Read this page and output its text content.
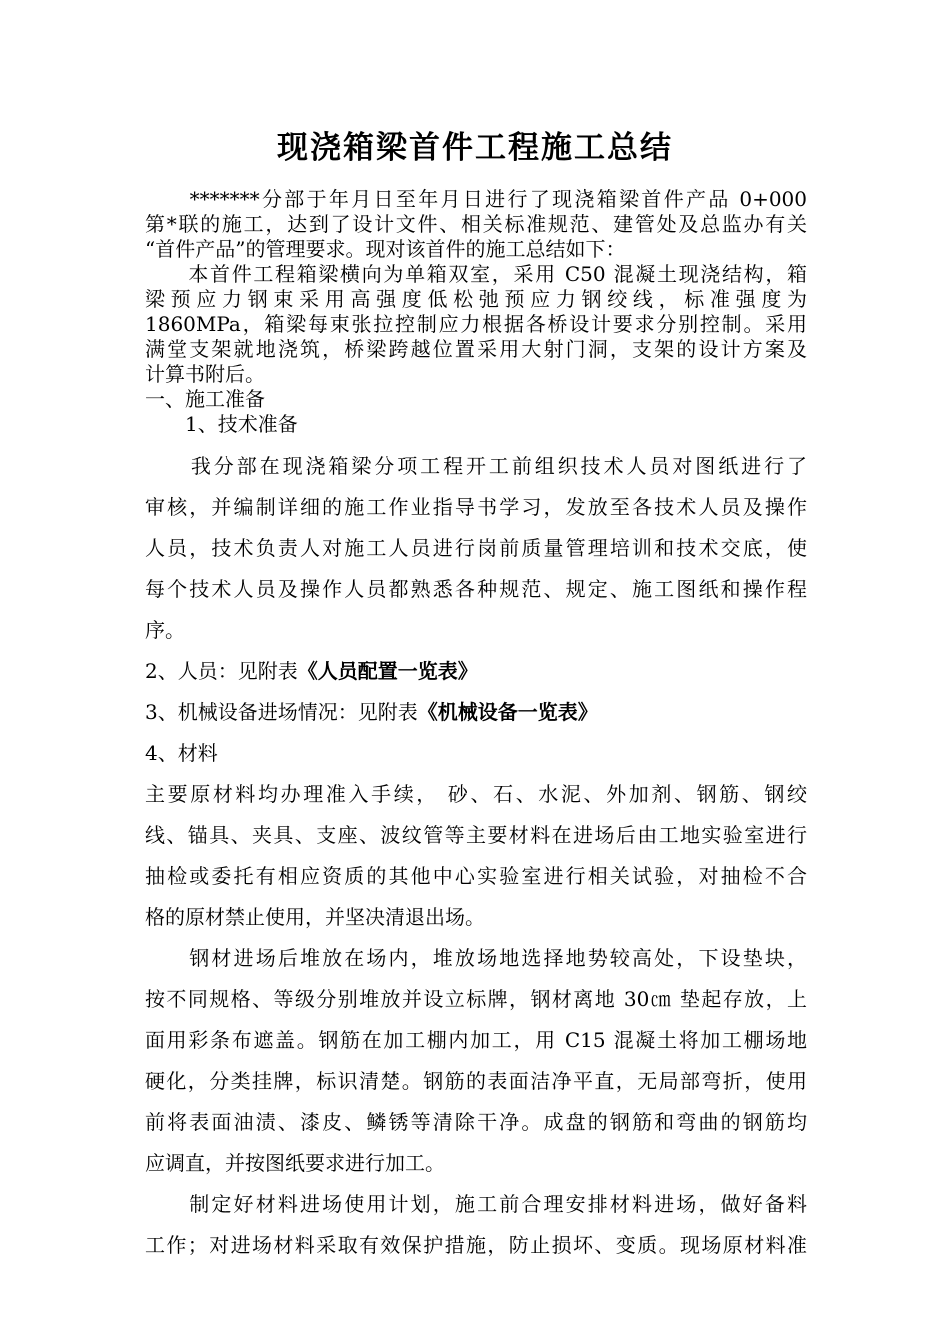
现浇箱梁首件工程施工总结
　　*******分部于年月日至年月日进行了现浇箱梁首件产品 0+000
第*联的施工，达到了设计文件、相关标准规范、建管处及总监办有关
“首件产品”的管理要求。现对该首件的施工总结如下：
　　本首件工程箱梁横向为单箱双室，采用 C50 混凝土现浇结构，箱
梁预应力钢束采用高强度低松弛预应力钢绞线，标准强度为
1860MPa，箱梁每束张拉控制应力根据各桥设计要求分别控制。采用
满堂支架就地浇筑，桥梁跨越位置采用大射门洞，支架的设计方案及
计算书附后。
一、施工准备
　　1、技术准备
　　我分部在现浇箱梁分项工程开工前组织技术人员对图纸进行了
审核，并编制详细的施工作业指导书学习，发放至各技术人员及操作
人员，技术负责人对施工人员进行岗前质量管理培训和技术交底，使
每个技术人员及操作人员都熟悉各种规范、规定、施工图纸和操作程
序。
2、人员：见附表《人员配置一览表》
3、机械设备进场情况：见附表《机械设备一览表》
4、材料
主要原材料均办理准入手续， 砂、石、水泥、外加剂、钢筋、钢绞
线、锚具、夹具、支座、波纹管等主要材料在进场后由工地实验室进行
抽检或委托有相应资质的其他中心实验室进行相关试验，对抽检不合
格的原材禁止使用，并坚决清退出场。
　　钢材进场后堆放在场内，堆放场地选择地势较高处，下设垫块，
按不同规格、等级分别堆放并设立标牌，钢材离地 30㎝ 垫起存放，上
面用彩条布遮盖。钢筋在加工棚内加工，用 C15 混凝土将加工棚场地
硬化，分类挂牌，标识清楚。钢筋的表面洁净平直，无局部弯折，使用
前将表面油渍、漆皮、鳞锈等清除干净。成盘的钢筋和弯曲的钢筋均
应调直，并按图纸要求进行加工。
　　制定好材料进场使用计划，施工前合理安排材料进场，做好备料
工作；对进场材料采取有效保护措施，防止损坏、变质。现场原材料准
